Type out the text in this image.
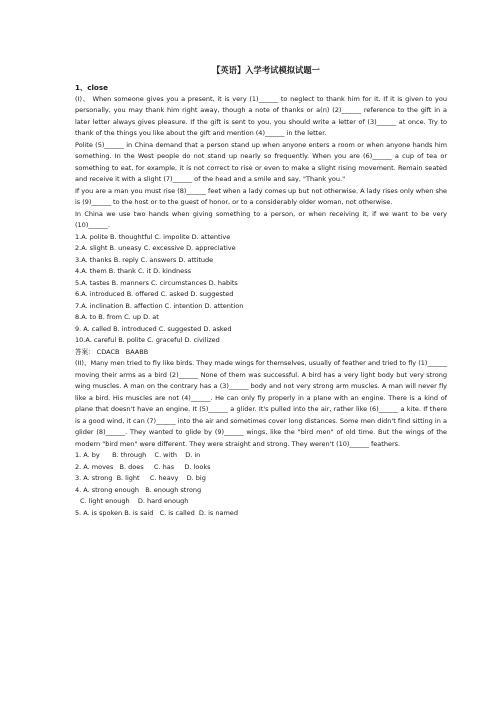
【英语】入学考试模拟试题一
1、close

(I)、 When someone gives you a present, it is very (1)______ to neglect to thank him for it. If it is given to you personally, you may thank him right away, though a note of thanks or a(n) (2)______ reference to the gift in a later letter always gives pleasure. If the gift is sent to you, you should write a letter of (3)______ at once. Try to thank of the things you like about the gift and mention (4)______ in the letter.

Polite (5)______ in China demand that a person stand up when anyone enters a room or when anyone hands him something. In the West people do not stand up nearly so frequently. When you are (6)______ a cup of tea or something to eat, for example, it is not correct to rise or even to make a slight rising movement. Remain seated and receive it with a slight (7)______ of the head and a smile and say, "Thank you."

If you are a man you must rise (8)______ feet when a lady comes up but not otherwise. A lady rises only when she is (9)______ to the host or to the guest of honor, or to a considerably older woman, not otherwise.

In China we use two hands when giving something to a person, or when receiving it, if we want to be very (10)______.

1.A. polite B. thoughtful C. impolite D. attentive
2.A. slight B. uneasy C. excessive D. appreciative
3.A. thanks B. reply C. answers D. attitude
4.A. them B. thank C. it D. kindness
5.A. tastes B. manners C. circumstances D. habits
6.A. introduced B. offered C. asked D. suggested
7.A. inclination B. affection C. intention D. attention
8.A. to B. from C. up D. at
9. A. called B. introduced C. suggested D. asked
10.A. careful B. polite C. graceful D. civilized
答案： CDACB   BAABB

(II)、Many men tried to fly like birds. They made wings for themselves, usually of feather and tried to fly (1)______ moving their arms as a bird (2)______ None of them was successful. A bird has a very light body but very strong wing muscles. A man on the contrary has a (3)______ body and not very strong arm muscles. A man will never fly like a bird. His muscles are not (4)______. He can only fly properly in a plane with an engine. There is a kind of plane that doesn't have an engine. It (5)______ a glider. It's pulled into the air, rather like (6)______ a kite. If there is a good wind, it can (7)______ into the air and sometimes cover long distances. Some men didn't find sitting in a glider (8)______. They wanted to glide by (9)______ wings, like the "bird men" of old time. But the wings of the modern "bird men" were different. They were straight and strong. They weren't (10)______ feathers.

1. A. by      B. through    C. with    D. in
2. A. moves   B. does     C. has     D. looks
3. A. strong  B. light     C. heavy    D. big
4. A. strong enough   B. enough strong
C. light enough    D. hard enough
5. A. is spoken B. is said   C. is called  D. is named
